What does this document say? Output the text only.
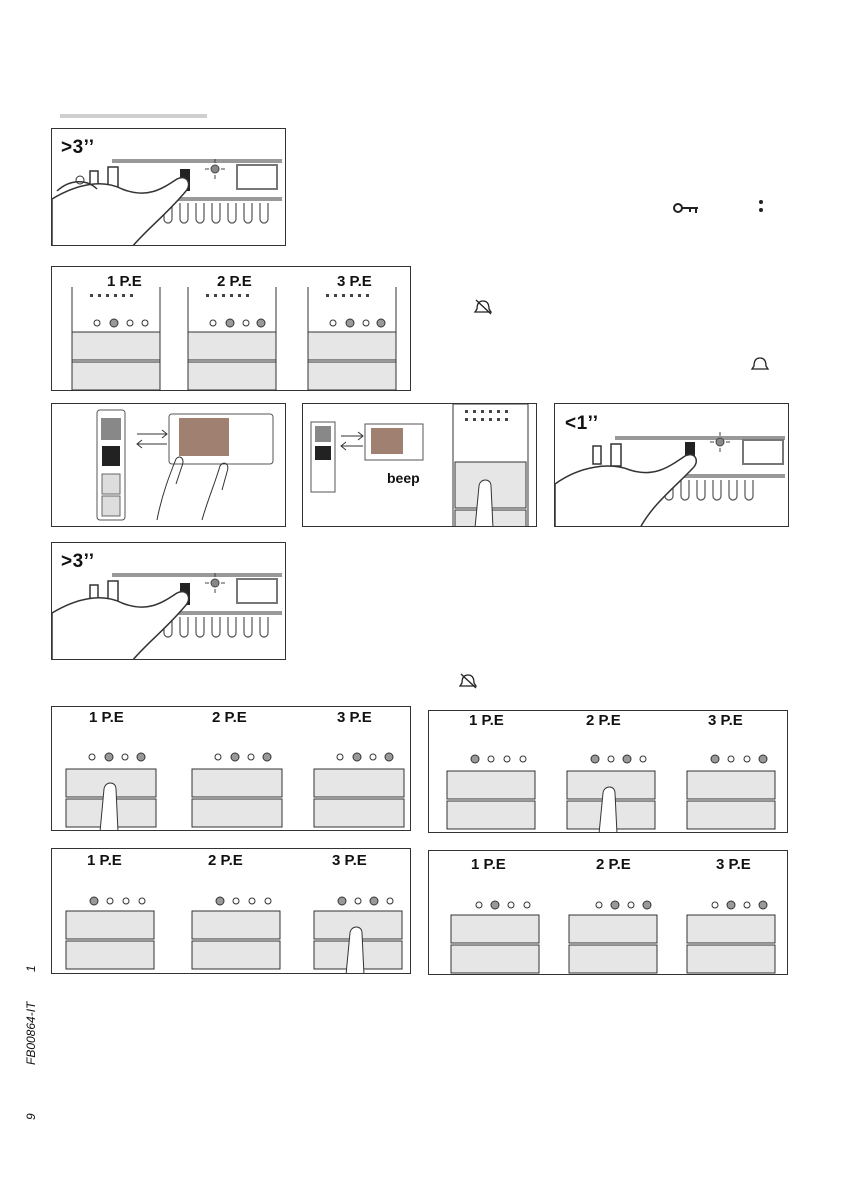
>3’’
1 P.E	2 P.E	3 P.E
beep
<1’’
>3’’
1 P.E	2 P.E	3 P.E	1 P.E	2 P.E	3 P.E
1 P.E	2 P.E	3 P.E	1 P.E	2 P.E	3 P.E
1
FB00864-IT
9
